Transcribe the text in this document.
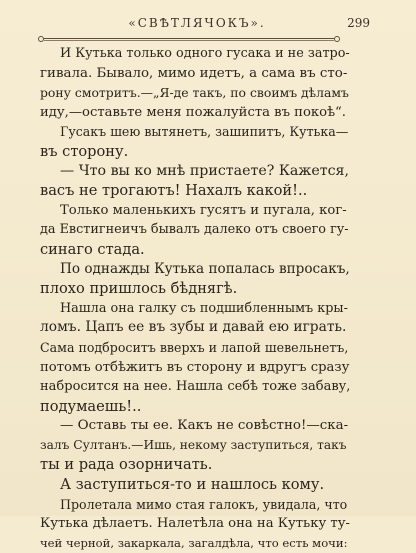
«СВѢТЛЯЧОКЪ».	299
И Кутька только одного гусака и не затро-
гивала. Бывало, мимо идетъ, а сама въ сто-
рону смотритъ.—„Я-де такъ, по своимъ дѣламъ
иду,—оставьте меня пожалуйста въ покоѣ“.
Гусакъ шею вытянетъ, зашипитъ, Кутька—
въ сторону.
— Что вы ко мнѣ пристаете? Кажется,
васъ не трогаютъ! Нахалъ какой!..
Только маленькихъ гусятъ и пугала, ког-
да Евстигнеичъ бывалъ далеко отъ своего гу-
синаго стада.
По однажды Кутька попалась впросакъ,
плохо пришлось бѣднягѣ.
Нашла она галку съ подшибленнымъ кры-
ломъ. Цапъ ее въ зубы и давай ею играть.
Сама подброситъ вверхъ и лапой шевельнетъ,
потомъ отбѣжитъ въ сторону и вдругъ сразу
набросится на нее. Нашла себѣ тоже забаву,
подумаешь!..
— Оставь ты ее. Какъ не совѣстно!—ска-
залъ Султанъ.—Ишь, некому заступиться, такъ
ты и рада озорничать.
А заступиться-то и нашлось кому.
Пролетала мимо стая галокъ, увидала, что
Кутька дѣлаетъ. Налетѣла она на Кутьку ту-
чей черной, закаркала, загалдѣла, что есть мочи:
